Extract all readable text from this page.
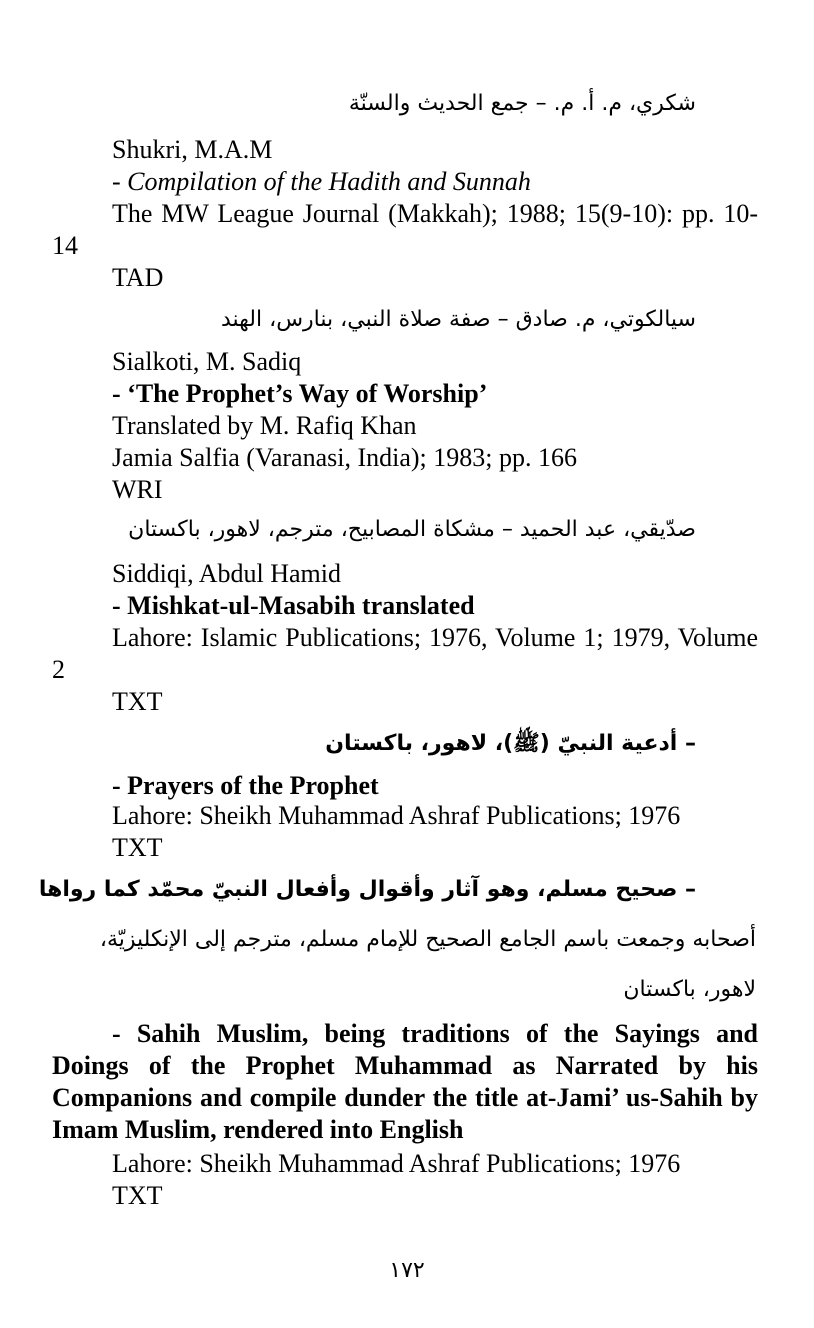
شكري، م. أ. م. – جمع الحديث والسنّة
Shukri, M.A.M
- Compilation of the Hadith and Sunnah
The MW League Journal (Makkah); 1988; 15(9-10): pp. 10-14
TAD
سيالكوتي، م. صادق – صفة صلاة النبي، بنارس، الهند
Sialkoti, M. Sadiq
- ‘The Prophet’s Way of Worship’
Translated by M. Rafiq Khan
Jamia Salfia (Varanasi, India); 1983; pp. 166
WRI
صدّيقي، عبد الحميد – مشكاة المصابيح، مترجم، لاهور، باكستان
Siddiqi, Abdul Hamid
- Mishkat-ul-Masabih translated
Lahore: Islamic Publications; 1976, Volume 1; 1979, Volume 2
TXT
– أدعية النبيّ (ﷺ)، لاهور، باكستان
- Prayers of the Prophet
Lahore: Sheikh Muhammad Ashraf Publications; 1976
TXT
– صحيح مسلم، وهو آثار وأقوال وأفعال النبيّ محمّد كما رواها
أصحابه وجمعت باسم الجامع الصحيح للإمام مسلم، مترجم إلى الإنكليزيّة،
لاهور، باكستان
- Sahih Muslim, being traditions of the Sayings and Doings of the Prophet Muhammad as Narrated by his Companions and compile dunder the title at-Jami’ us-Sahih by Imam Muslim, rendered into English
Lahore: Sheikh Muhammad Ashraf Publications; 1976
TXT
١٧٢
